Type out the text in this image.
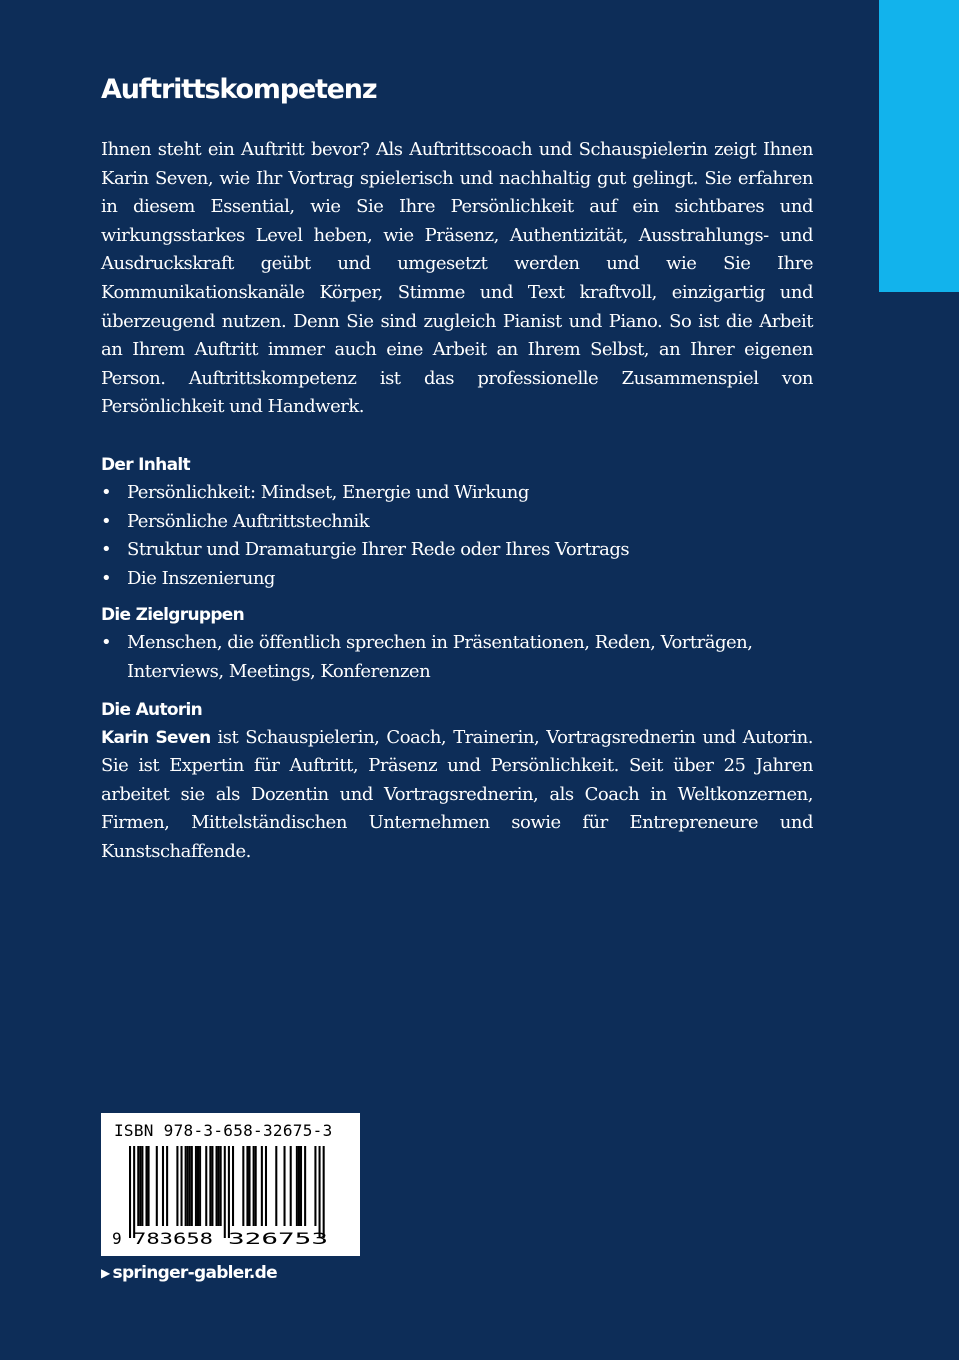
Auftrittskompetenz

Ihnen steht ein Auftritt bevor? Als Auftrittscoach und Schauspielerin zeigt Ihnen Karin Seven, wie Ihr Vortrag spielerisch und nachhaltig gut gelingt. Sie erfahren in diesem Essential, wie Sie Ihre Persönlichkeit auf ein sichtbares und wirkungsstarkes Level heben, wie Präsenz, Authentizität, Ausstrahlungs- und Ausdruckskraft geübt und umgesetzt werden und wie Sie Ihre Kommunikationskanäle Körper, Stimme und Text kraftvoll, einzigartig und überzeugend nutzen. Denn Sie sind zugleich Pianist und Piano. So ist die Arbeit an Ihrem Auftritt immer auch eine Arbeit an Ihrem Selbst, an Ihrer eigenen Person. Auftrittskompetenz ist das professionelle Zusammenspiel von Persönlichkeit und Handwerk.

Der Inhalt
• Persönlichkeit: Mindset, Energie und Wirkung
• Persönliche Auftrittstechnik
• Struktur und Dramaturgie Ihrer Rede oder Ihres Vortrags
• Die Inszenierung
Die Zielgruppen
• Menschen, die öffentlich sprechen in Präsentationen, Reden, Vorträgen,
Interviews, Meetings, Konferenzen
Die Autorin

Karin Seven ist Schauspielerin, Coach, Trainerin, Vortragsrednerin und Autorin. Sie ist Expertin für Auftritt, Präsenz und Persönlichkeit. Seit über 25 Jahren arbeitet sie als Dozentin und Vortragsrednerin, als Coach in Weltkonzernen, Firmen, Mittelständischen Unternehmen sowie für Entrepreneure und Kunstschaffende.

ISBN 978-3-658-32675-3
9 783658 326753
▶ springer-gabler.de
